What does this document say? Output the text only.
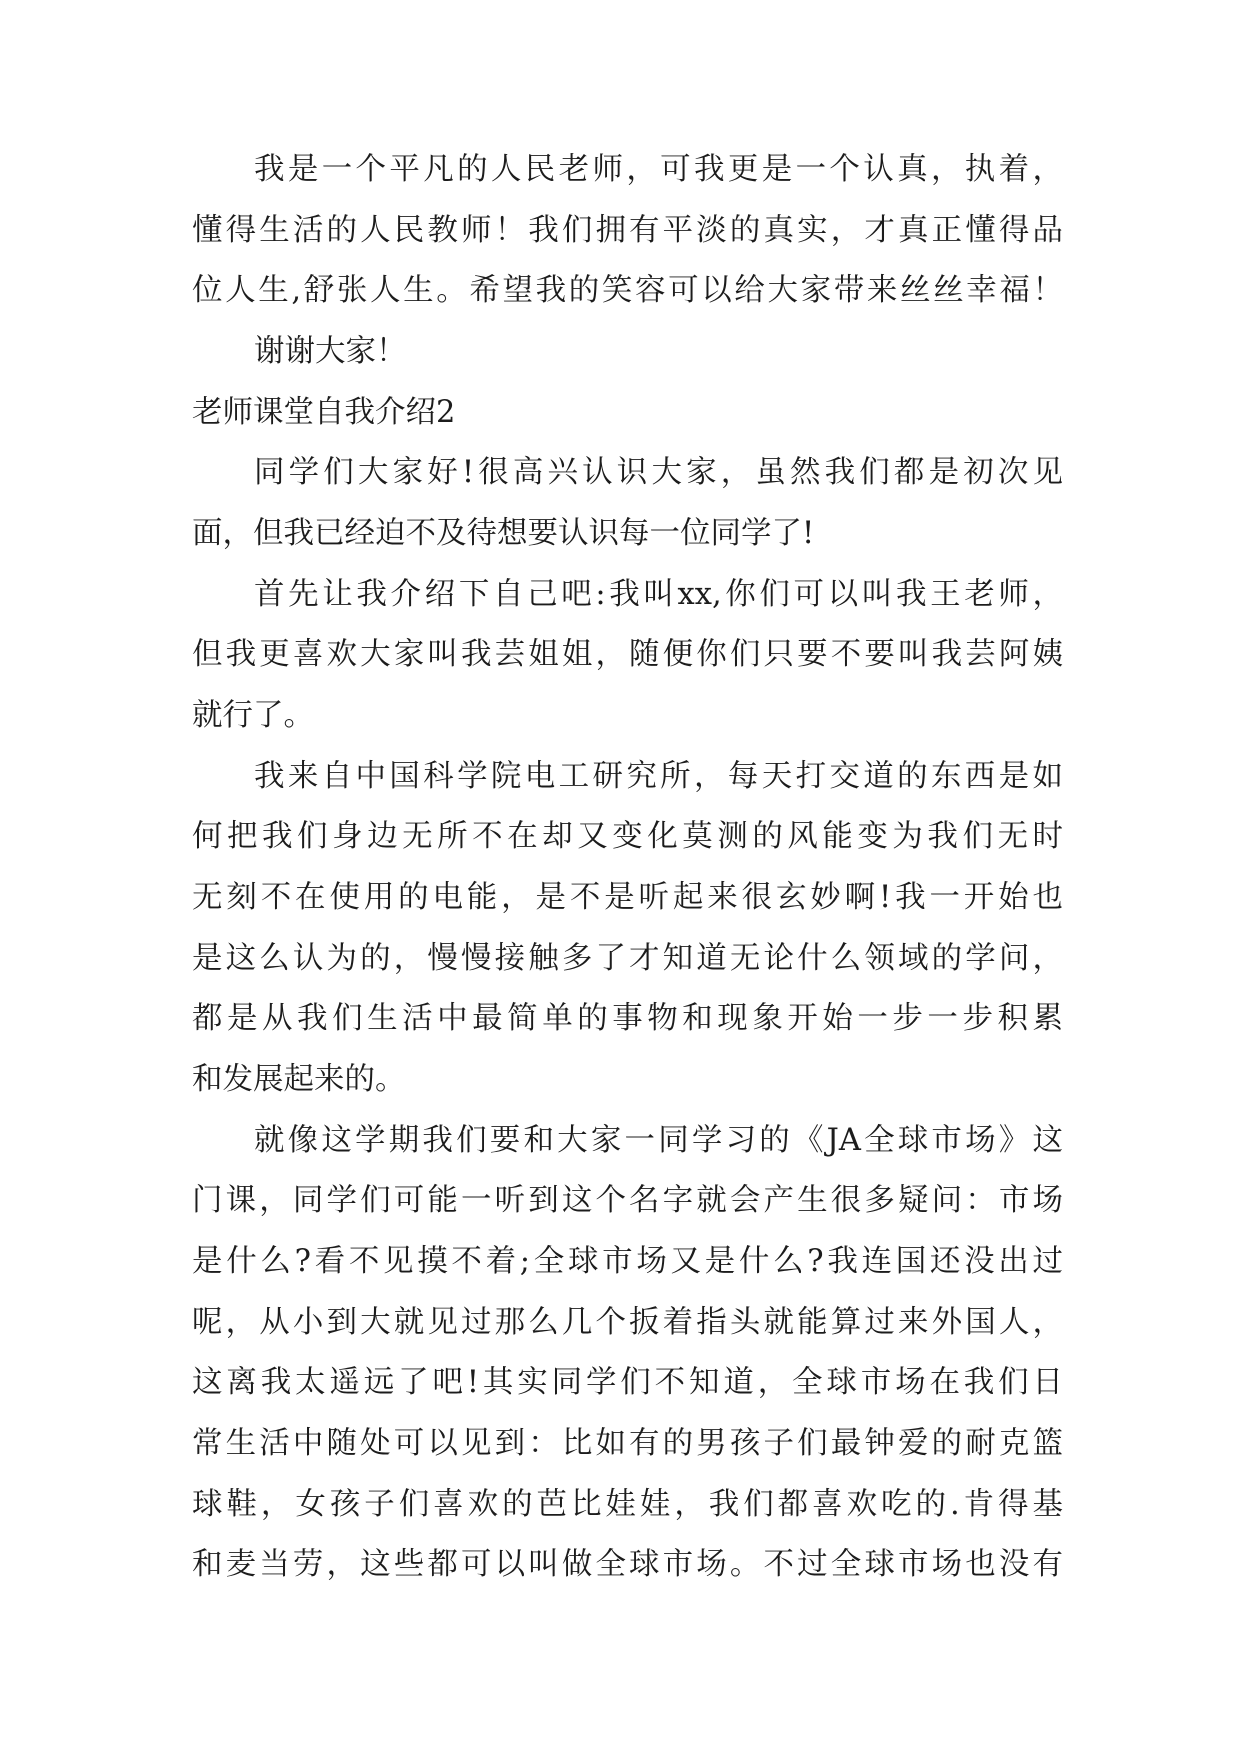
我是一个平凡的人民老师，可我更是一个认真，执着，
懂得生活的人民教师！我们拥有平淡的真实，才真正懂得品
位人生,舒张人生。希望我的笑容可以给大家带来丝丝幸福！
谢谢大家！
老师课堂自我介绍2
同学们大家好!很高兴认识大家，虽然我们都是初次见
面，但我已经迫不及待想要认识每一位同学了!
首先让我介绍下自己吧:我叫xx,你们可以叫我王老师，
但我更喜欢大家叫我芸姐姐，随便你们只要不要叫我芸阿姨
就行了。
我来自中国科学院电工研究所，每天打交道的东西是如
何把我们身边无所不在却又变化莫测的风能变为我们无时
无刻不在使用的电能，是不是听起来很玄妙啊!我一开始也
是这么认为的，慢慢接触多了才知道无论什么领域的学问，
都是从我们生活中最简单的事物和现象开始一步一步积累
和发展起来的。
就像这学期我们要和大家一同学习的《JA全球市场》这
门课，同学们可能一听到这个名字就会产生很多疑问：市场
是什么?看不见摸不着;全球市场又是什么?我连国还没出过
呢，从小到大就见过那么几个扳着指头就能算过来外国人，
这离我太遥远了吧!其实同学们不知道，全球市场在我们日
常生活中随处可以见到：比如有的男孩子们最钟爱的耐克篮
球鞋，女孩子们喜欢的芭比娃娃，我们都喜欢吃的.肯得基
和麦当劳，这些都可以叫做全球市场。不过全球市场也没有
